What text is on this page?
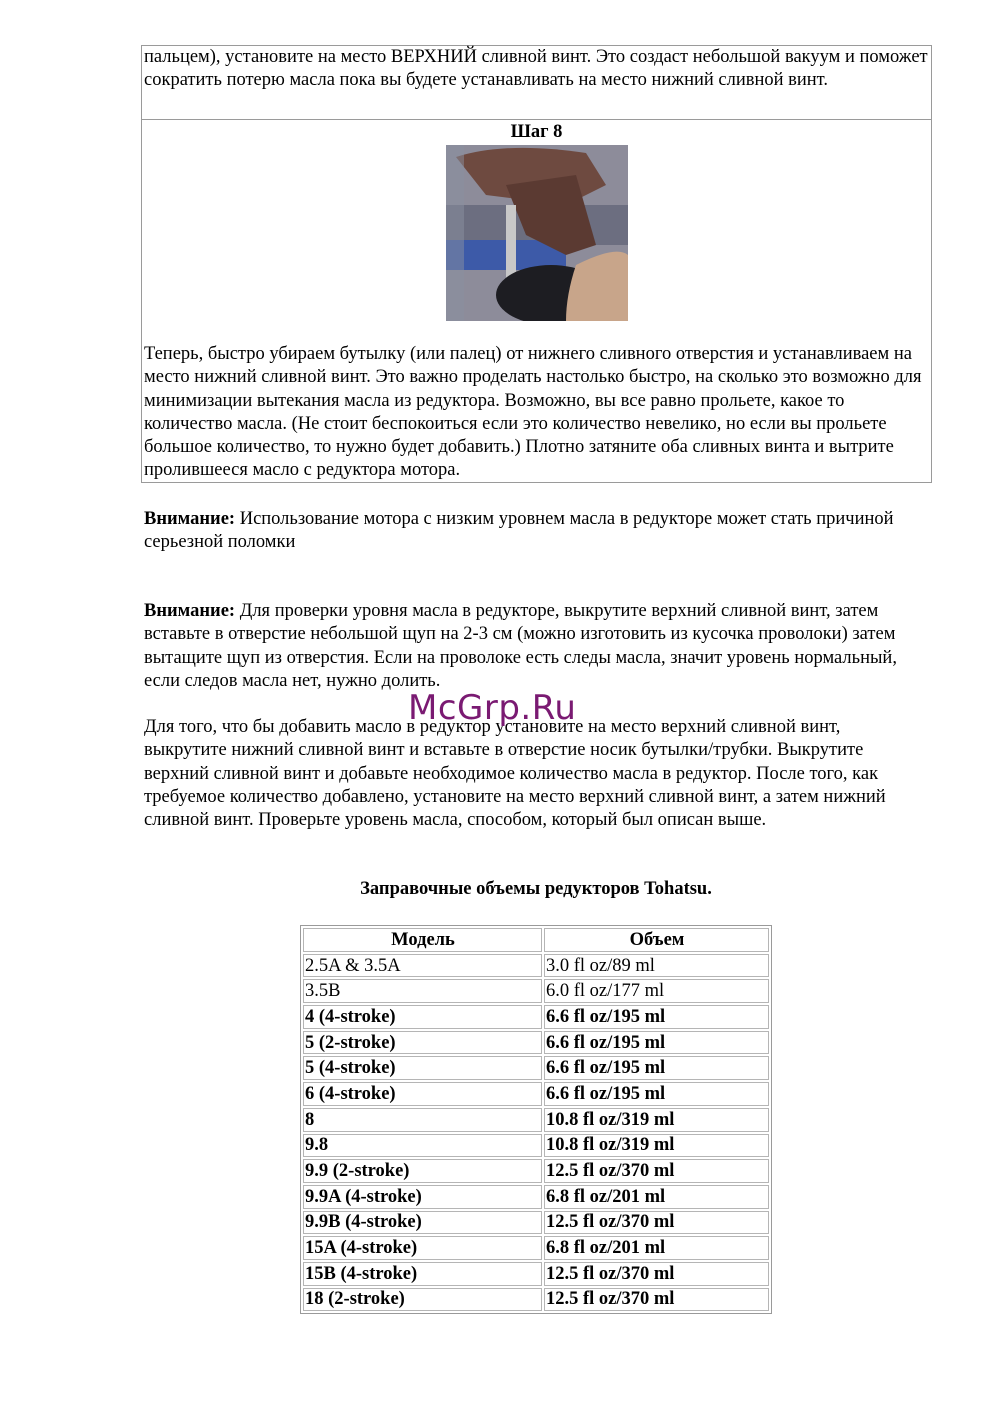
пальцем), установите на место ВЕРХНИЙ сливной винт. Это создаст небольшой вакуум и поможет сократить потерю масла пока вы будете устанавливать на место нижний сливной винт.
Шаг 8
Теперь, быстро убираем бутылку (или палец) от нижнего сливного отверстия и устанавливаем на место нижний сливной винт. Это важно проделать настолько быстро, на сколько это возможно для минимизации вытекания масла из редуктора. Возможно, вы все равно прольете, какое то количество масла. (Не стоит беспокоиться если это количество невелико, но если вы прольете большое количество, то нужно будет добавить.) Плотно затяните оба сливных винта и вытрите пролившееся масло с редуктора мотора.
Внимание: Использование мотора с низким уровнем масла в редукторе может стать причиной серьезной поломки
Внимание: Для проверки уровня масла в редукторе, выкрутите верхний сливной винт, затем вставьте в отверстие небольшой щуп на 2-3 см (можно изготовить из кусочка проволоки) затем вытащите щуп из отверстия. Если на проволоке есть следы масла, значит уровень нормальный, если следов масла нет, нужно долить.
Для того, что бы добавить масло в редуктор установите на место верхний сливной винт, выкрутите нижний сливной винт и вставьте в отверстие носик бутылки/трубки. Выкрутите верхний сливной винт и добавьте необходимое количество масла в редуктор. После того, как требуемое количество добавлено, установите на место верхний сливной винт, а затем нижний сливной винт. Проверьте уровень масла, способом, который был описан выше.
McGrp.Ru
Заправочные объемы редукторов Tohatsu.
Модель	Объем
2.5A & 3.5A	3.0 fl oz/89 ml
3.5B	6.0 fl oz/177 ml
4 (4-stroke)	6.6 fl oz/195 ml
5 (2-stroke)	6.6 fl oz/195 ml
5 (4-stroke)	6.6 fl oz/195 ml
6 (4-stroke)	6.6 fl oz/195 ml
8	10.8 fl oz/319 ml
9.8	10.8 fl oz/319 ml
9.9 (2-stroke)	12.5 fl oz/370 ml
9.9A (4-stroke)	6.8 fl oz/201 ml
9.9B (4-stroke)	12.5 fl oz/370 ml
15A (4-stroke)	6.8 fl oz/201 ml
15B (4-stroke)	12.5 fl oz/370 ml
18 (2-stroke)	12.5 fl oz/370 ml
